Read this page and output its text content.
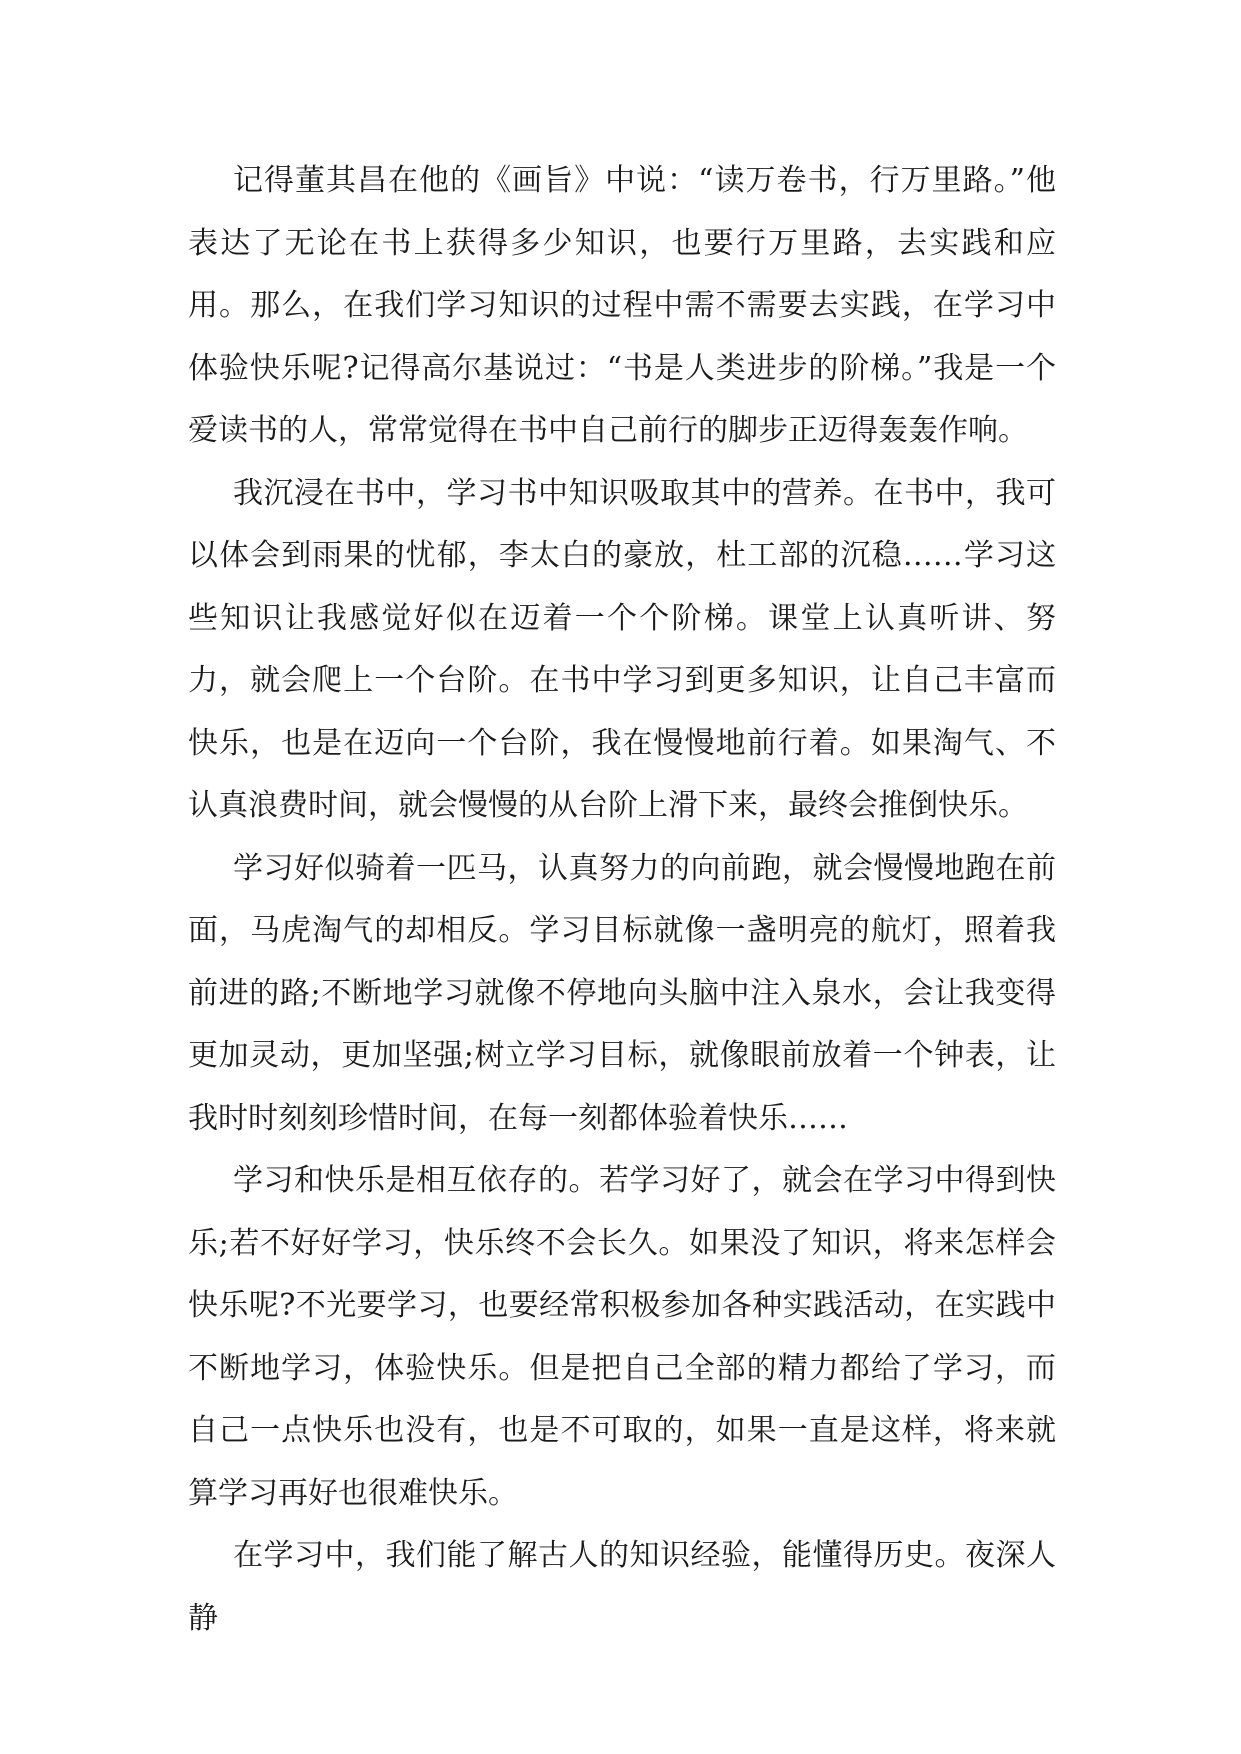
记得董其昌在他的《画旨》中说：“读万卷书，行万里路。”他表达了无论在书上获得多少知识，也要行万里路，去实践和应用。那么，在我们学习知识的过程中需不需要去实践，在学习中体验快乐呢?记得高尔基说过：“书是人类进步的阶梯。”我是一个爱读书的人，常常觉得在书中自己前行的脚步正迈得轰轰作响。

我沉浸在书中，学习书中知识吸取其中的营养。在书中，我可以体会到雨果的忧郁，李太白的豪放，杜工部的沉稳……学习这些知识让我感觉好似在迈着一个个阶梯。课堂上认真听讲、努力，就会爬上一个台阶。在书中学习到更多知识，让自己丰富而快乐，也是在迈向一个台阶，我在慢慢地前行着。如果淘气、不认真浪费时间，就会慢慢的从台阶上滑下来，最终会推倒快乐。

学习好似骑着一匹马，认真努力的向前跑，就会慢慢地跑在前面，马虎淘气的却相反。学习目标就像一盏明亮的航灯，照着我前进的路;不断地学习就像不停地向头脑中注入泉水，会让我变得更加灵动，更加坚强;树立学习目标，就像眼前放着一个钟表，让我时时刻刻珍惜时间，在每一刻都体验着快乐……

学习和快乐是相互依存的。若学习好了，就会在学习中得到快乐;若不好好学习，快乐终不会长久。如果没了知识，将来怎样会快乐呢?不光要学习，也要经常积极参加各种实践活动，在实践中不断地学习，体验快乐。但是把自己全部的精力都给了学习，而自己一点快乐也没有，也是不可取的，如果一直是这样，将来就算学习再好也很难快乐。

在学习中，我们能了解古人的知识经验，能懂得历史。夜深人静
